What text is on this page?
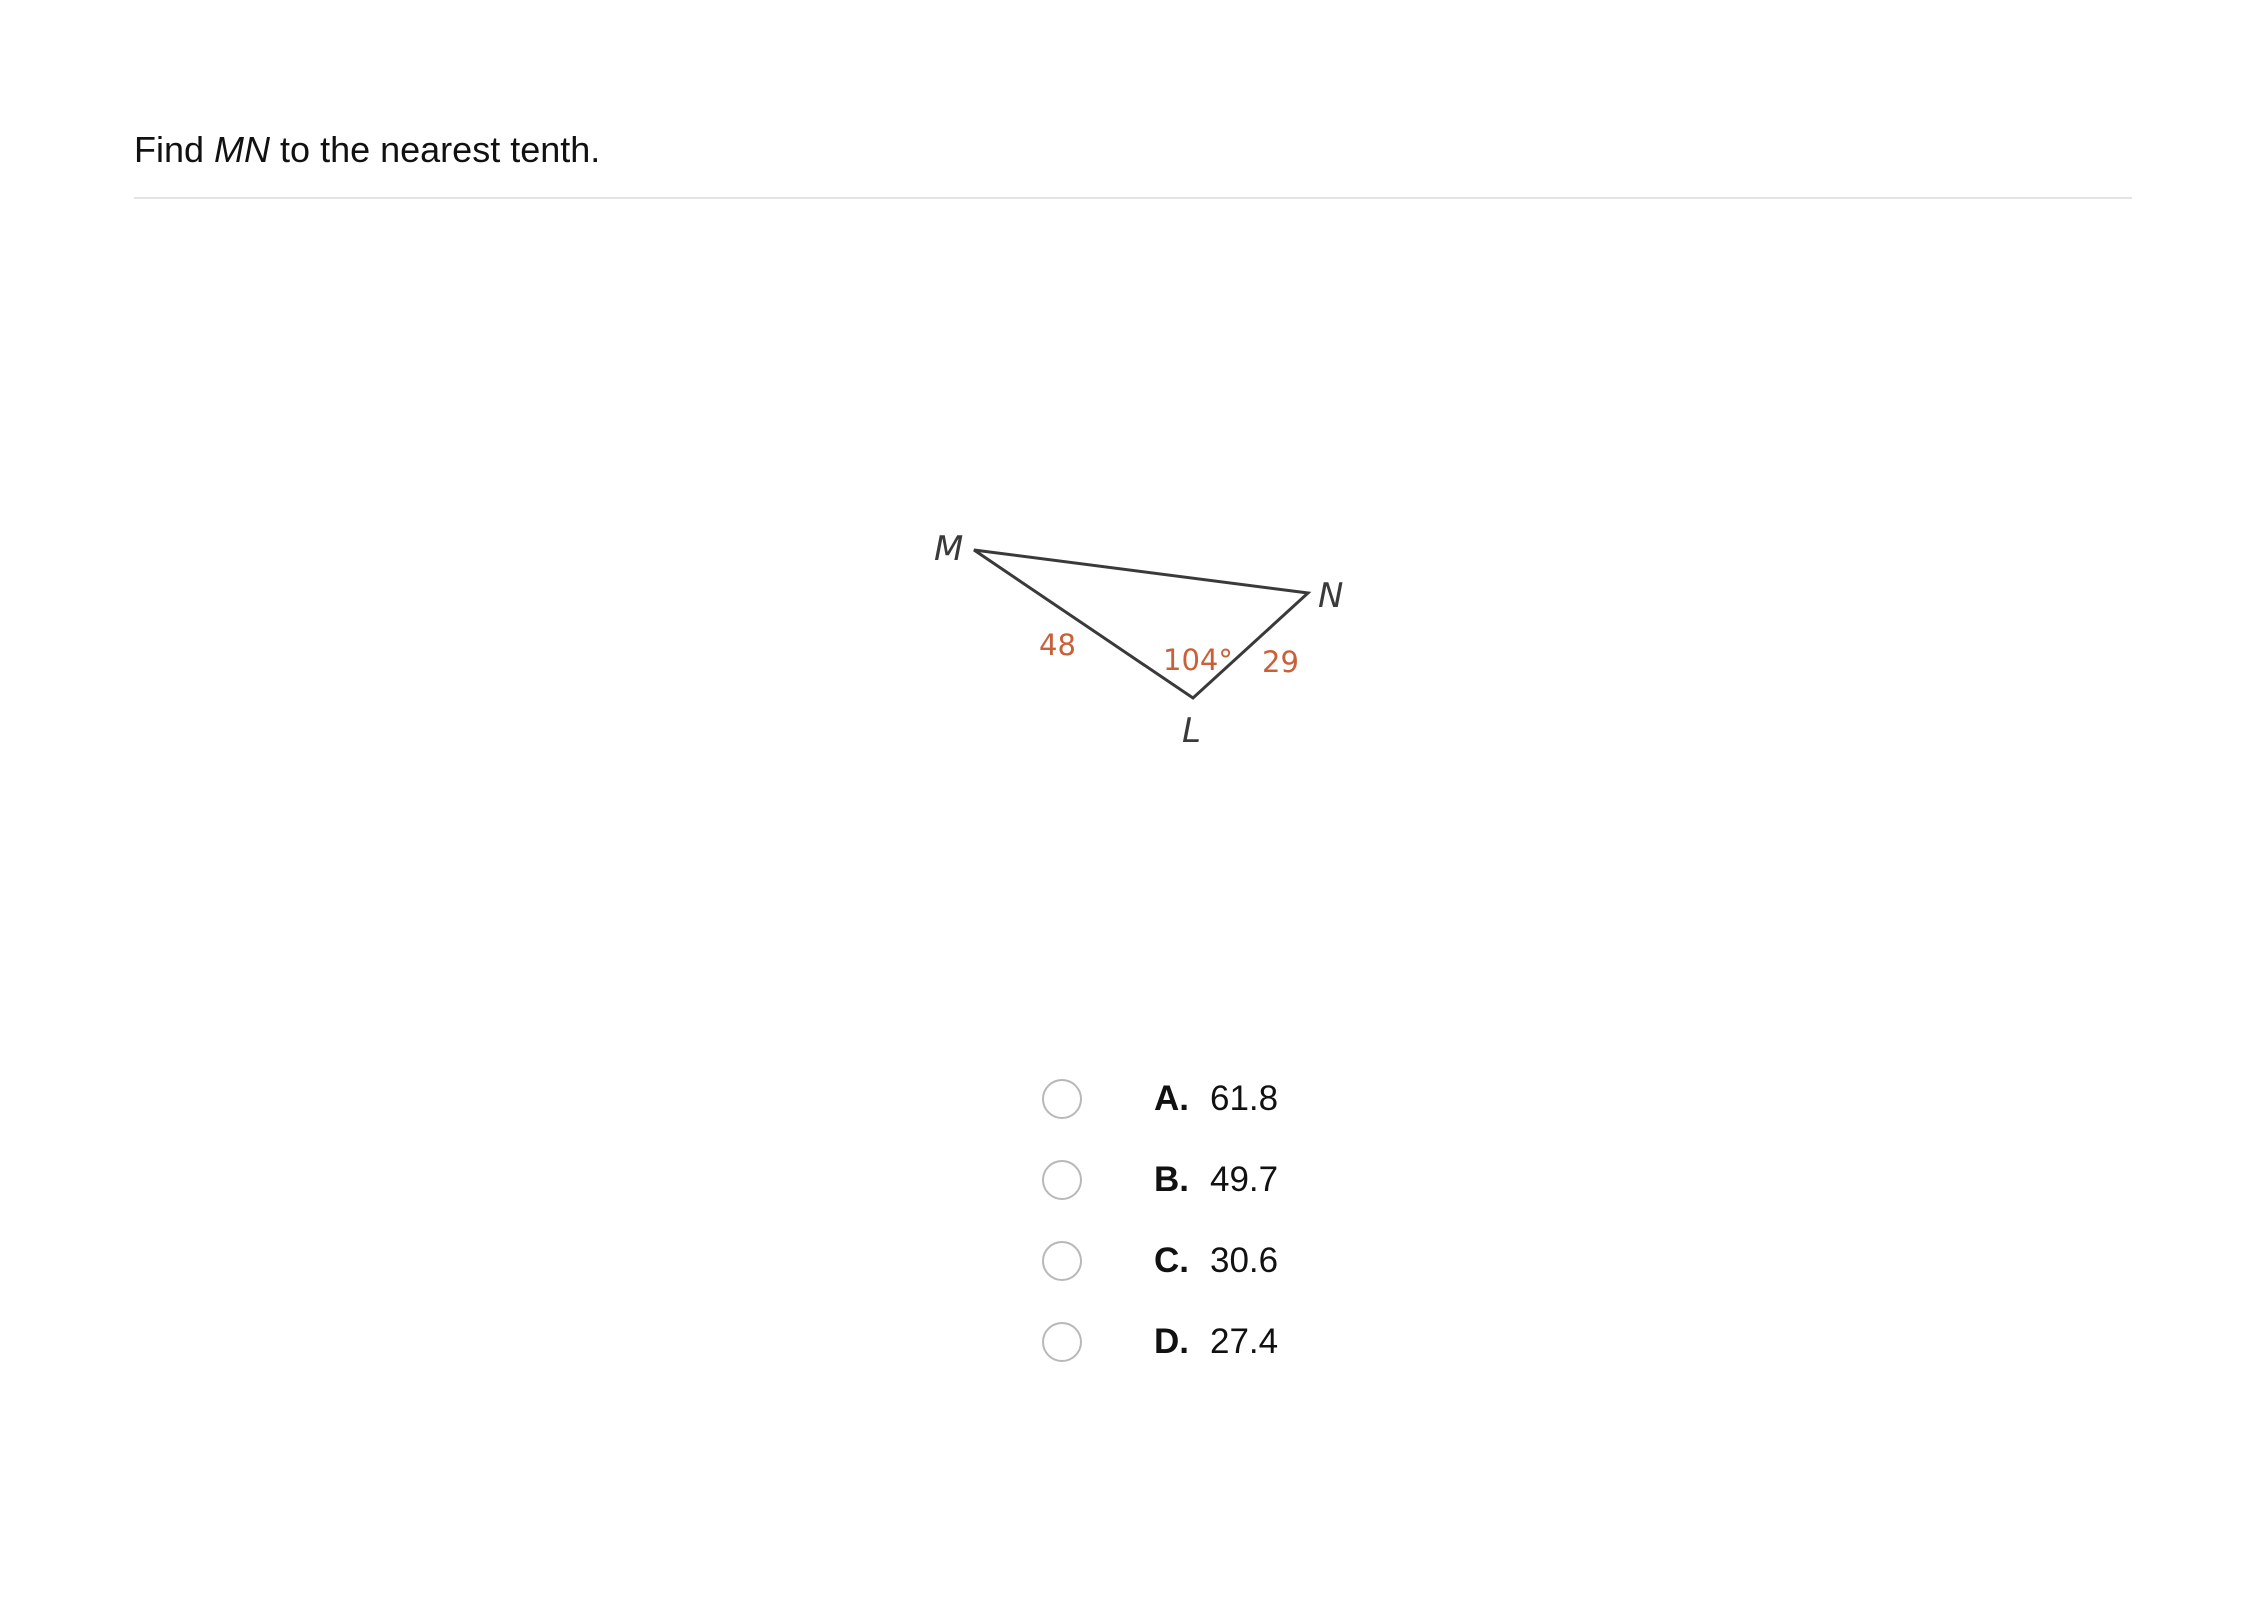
Find MN to the nearest tenth.
M
N
L
48	104° 29
A. 61.8
B. 49.7
C. 30.6
D. 27.4
